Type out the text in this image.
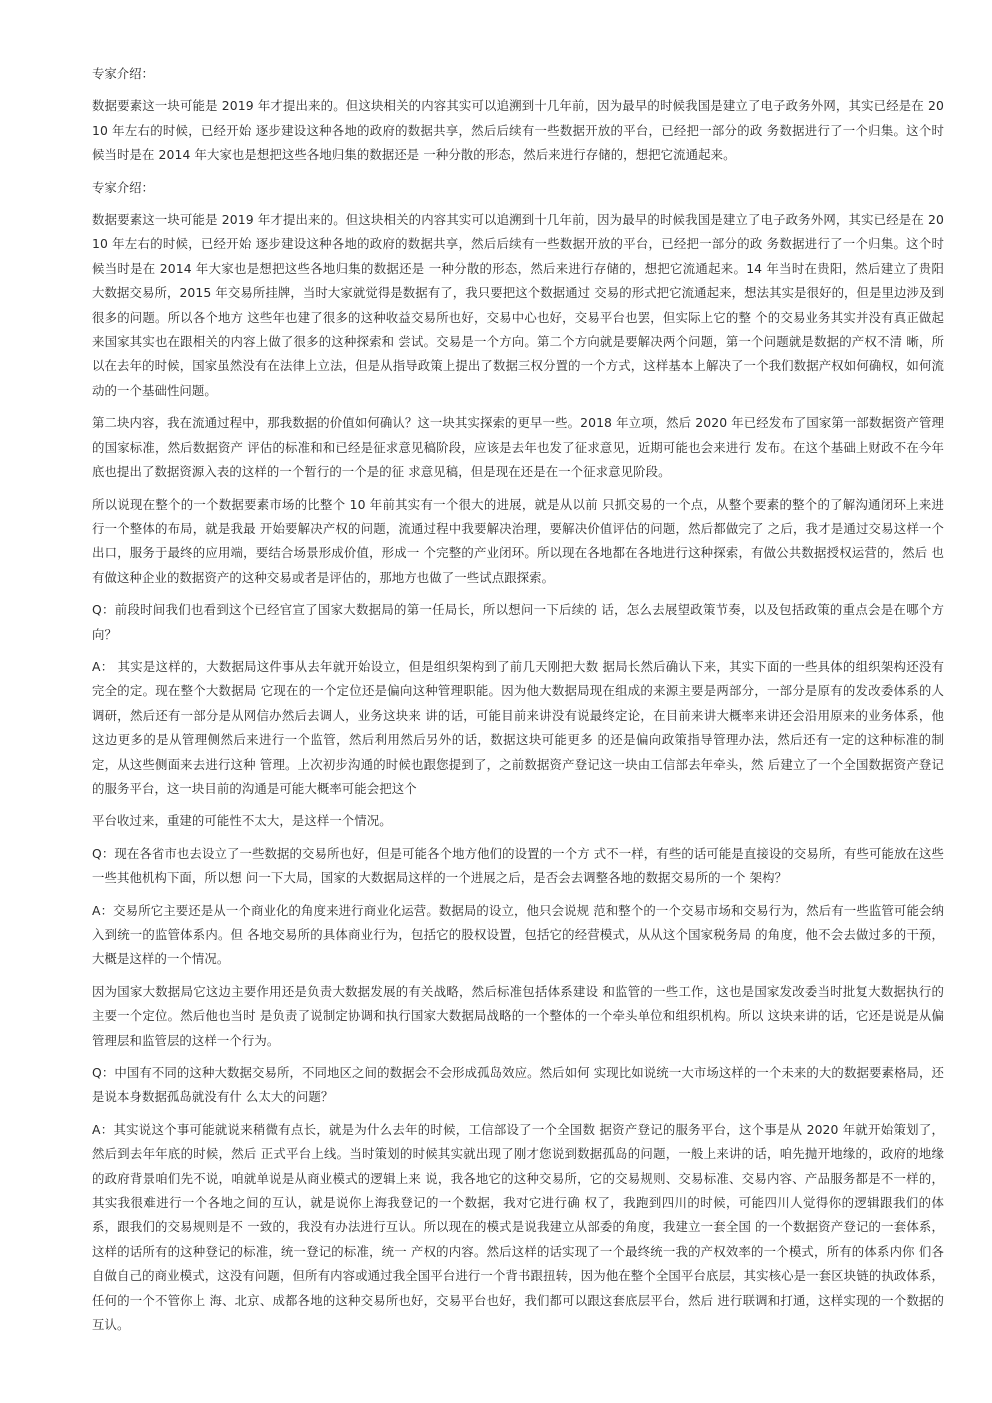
专家介绍：

数据要素这一块可能是 2019 年才提出来的。但这块相关的内容其实可以追溯到十几年前，因为最早的时候我国是建立了电子政务外网，其实已经是在 2010 年左右的时候，已经开始 逐步建设这种各地的政府的数据共享，然后后续有一些数据开放的平台，已经把一部分的政 务数据进行了一个归集。这个时候当时是在 2014 年大家也是想把这些各地归集的数据还是 一种分散的形态，然后来进行存储的，想把它流通起来。

专家介绍：

数据要素这一块可能是 2019 年才提出来的。但这块相关的内容其实可以追溯到十几年前，因为最早的时候我国是建立了电子政务外网，其实已经是在 2010 年左右的时候，已经开始 逐步建设这种各地的政府的数据共享，然后后续有一些数据开放的平台，已经把一部分的政 务数据进行了一个归集。这个时候当时是在 2014 年大家也是想把这些各地归集的数据还是 一种分散的形态，然后来进行存储的，想把它流通起来。14 年当时在贵阳，然后建立了贵阳 大数据交易所，2015 年交易所挂牌，当时大家就觉得是数据有了，我只要把这个数据通过 交易的形式把它流通起来，想法其实是很好的，但是里边涉及到很多的问题。所以各个地方 这些年也建了很多的这种收益交易所也好，交易中心也好，交易平台也罢，但实际上它的整 个的交易业务其实并没有真正做起来国家其实也在跟相关的内容上做了很多的这种探索和 尝试。交易是一个方向。第二个方向就是要解决两个问题，第一个问题就是数据的产权不清 晰，所以在去年的时候，国家虽然没有在法律上立法，但是从指导政策上提出了数据三权分置的一个方式，这样基本上解决了一个我们数据产权如何确权，如何流动的一个基础性问题。

第二块内容，我在流通过程中，那我数据的价值如何确认？这一块其实探索的更早一些。2018 年立项，然后 2020 年已经发布了国家第一部数据资产管理的国家标准，然后数据资产 评估的标准和和已经是征求意见稿阶段，应该是去年也发了征求意见，近期可能也会来进行 发布。在这个基础上财政不在今年底也提出了数据资源入表的这样的一个暂行的一个是的征 求意见稿，但是现在还是在一个征求意见阶段。

所以说现在整个的一个数据要素市场的比整个 10 年前其实有一个很大的进展，就是从以前 只抓交易的一个点，从整个要素的整个的了解沟通闭环上来进行一个整体的布局，就是我最 开始要解决产权的问题，流通过程中我要解决治理，要解决价值评估的问题，然后都做完了 之后，我才是通过交易这样一个出口，服务于最终的应用端，要结合场景形成价值，形成一 个完整的产业闭环。所以现在各地都在各地进行这种探索，有做公共数据授权运营的，然后 也有做这种企业的数据资产的这种交易或者是评估的，那地方也做了一些试点跟探索。

Q：前段时间我们也看到这个已经官宣了国家大数据局的第一任局长，所以想问一下后续的 话，怎么去展望政策节奏，以及包括政策的重点会是在哪个方向？

A： 其实是这样的，大数据局这件事从去年就开始设立，但是组织架构到了前几天刚把大数 据局长然后确认下来，其实下面的一些具体的组织架构还没有完全的定。现在整个大数据局 它现在的一个定位还是偏向这种管理职能。因为他大数据局现在组成的来源主要是两部分，一部分是原有的发改委体系的人调研，然后还有一部分是从网信办然后去调人，业务这块来 讲的话，可能目前来讲没有说最终定论，在目前来讲大概率来讲还会沿用原来的业务体系，他这边更多的是从管理侧然后来进行一个监管，然后利用然后另外的话，数据这块可能更多 的还是偏向政策指导管理办法，然后还有一定的这种标准的制定，从这些侧面来去进行这种 管理。上次初步沟通的时候也跟您提到了，之前数据资产登记这一块由工信部去年牵头，然 后建立了一个全国数据资产登记的服务平台，这一块目前的沟通是可能大概率可能会把这个

平台收过来，重建的可能性不太大，是这样一个情况。

Q：现在各省市也去设立了一些数据的交易所也好，但是可能各个地方他们的设置的一个方 式不一样，有些的话可能是直接设的交易所，有些可能放在这些一些其他机构下面，所以想 问一下大局，国家的大数据局这样的一个进展之后，是否会去调整各地的数据交易所的一个 架构？

A：交易所它主要还是从一个商业化的角度来进行商业化运营。数据局的设立，他只会说规 范和整个的一个交易市场和交易行为，然后有一些监管可能会纳入到统一的监管体系内。但 各地交易所的具体商业行为，包括它的股权设置，包括它的经营模式，从从这个国家税务局 的角度，他不会去做过多的干预，大概是这样的一个情况。

因为国家大数据局它这边主要作用还是负责大数据发展的有关战略，然后标准包括体系建设 和监管的一些工作，这也是国家发改委当时批复大数据执行的主要一个定位。然后他也当时 是负责了说制定协调和执行国家大数据局战略的一个整体的一个牵头单位和组织机构。所以 这块来讲的话，它还是说是从偏管理层和监管层的这样一个行为。

Q：中国有不同的这种大数据交易所，不同地区之间的数据会不会形成孤岛效应。然后如何 实现比如说统一大市场这样的一个未来的大的数据要素格局，还是说本身数据孤岛就没有什 么太大的问题？

A：其实说这个事可能就说来稍微有点长，就是为什么去年的时候，工信部设了一个全国数 据资产登记的服务平台，这个事是从 2020 年就开始策划了，然后到去年年底的时候，然后 正式平台上线。当时策划的时候其实就出现了刚才您说到数据孤岛的问题，一般上来讲的话，咱先抛开地缘的，政府的地缘的政府背景咱们先不说，咱就单说是从商业模式的逻辑上来 说，我各地它的这种交易所，它的交易规则、交易标准、交易内容、产品服务都是不一样的，其实我很难进行一个各地之间的互认，就是说你上海我登记的一个数据，我对它进行确 权了，我跑到四川的时候，可能四川人觉得你的逻辑跟我们的体系，跟我们的交易规则是不 一致的，我没有办法进行互认。所以现在的模式是说我建立从部委的角度，我建立一套全国 的一个数据资产登记的一套体系，这样的话所有的这种登记的标准，统一登记的标准，统一 产权的内容。然后这样的话实现了一个最终统一我的产权效率的一个模式，所有的体系内你 们各自做自己的商业模式，这没有问题，但所有内容或通过我全国平台进行一个背书跟扭转，因为他在整个全国平台底层，其实核心是一套区块链的执政体系，任何的一个不管你上 海、北京、成都各地的这种交易所也好，交易平台也好，我们都可以跟这套底层平台，然后 进行联调和打通，这样实现的一个数据的互认。
